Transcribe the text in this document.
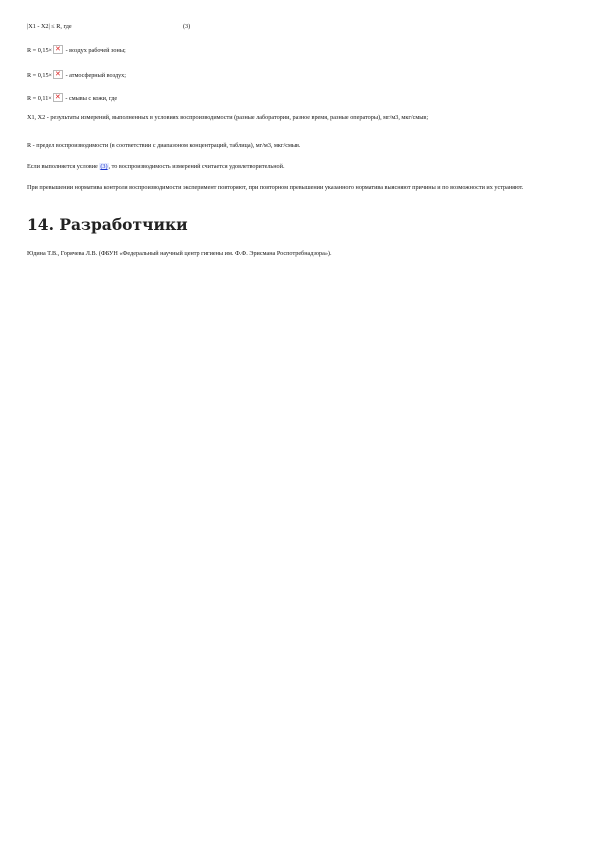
|Х1 - Х2| ≤ R, где	(3)
R = 0,15× ✕ - воздух рабочей зоны;
R = 0,15× ✕ - атмосферный воздух;
R = 0,11× ✕ - смывы с кожи, где
Х1, Х2 - результаты измерений, выполненных в условиях воспроизводимости (разные лаборатории, разное время, разные операторы), мг/м3, мкг/смыв;
R - предел воспроизводимости (в соответствии с диапазоном концентраций, таблица), мг/м3, мкг/смыв.
Если выполняется условие (3), то воспроизводимость измерений считается удовлетворительной.
При превышении норматива контроля воспроизводимости эксперимент повторяют, при повторном превышении указанного норматива выясняют причины и по возможности их устраняют.
14. Разработчики
Юдина Т.В., Горячева Л.В. (ФБУН «Федеральный научный центр гигиены им. Ф.Ф. Эрисмана Роспотребнадзора»).
